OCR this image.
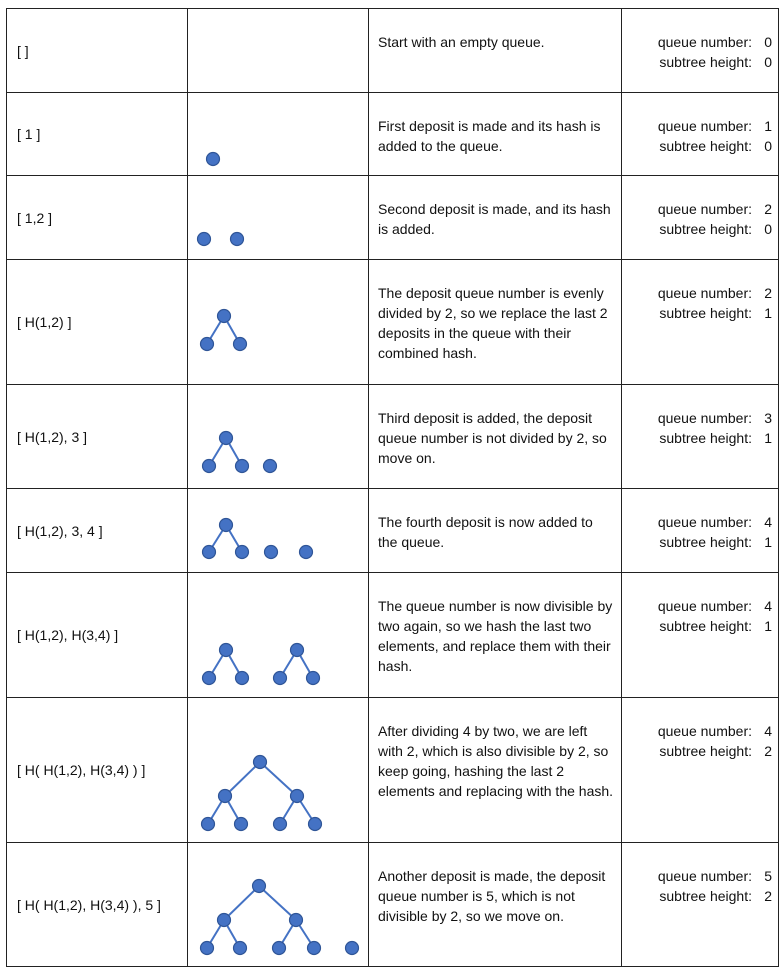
[ ]		Start with an empty queue.	queue number: 0
subtree height: 0

[ 1 ]		First deposit is made and its hash is added to the queue.	queue number: 1
subtree height: 0

[ 1,2 ]		Second deposit is made, and its hash is added.	queue number: 2
subtree height: 0

[ H(1,2) ]		The deposit queue number is evenly divided by 2, so we replace the last 2 deposits in the queue with their combined hash.	queue number: 2
subtree height: 1

[ H(1,2), 3 ]		Third deposit is added, the deposit queue number is not divided by 2, so move on.	queue number: 3
subtree height: 1

[ H(1,2), 3, 4 ]		The fourth deposit is now added to the queue.	queue number: 4
subtree height: 1

[ H(1,2), H(3,4) ]		The queue number is now divisible by two again, so we hash the last two elements, and replace them with their hash.	queue number: 4
subtree height: 1

[ H( H(1,2), H(3,4) ) ]		After dividing 4 by two, we are left with 2, which is also divisible by 2, so keep going, hashing the last 2 elements and replacing with the hash.	queue number: 4
subtree height: 2

[ H( H(1,2), H(3,4) ), 5 ]		Another deposit is made, the deposit queue number is 5, which is not divisible by 2, so we move on.	queue number: 5
subtree height: 2
